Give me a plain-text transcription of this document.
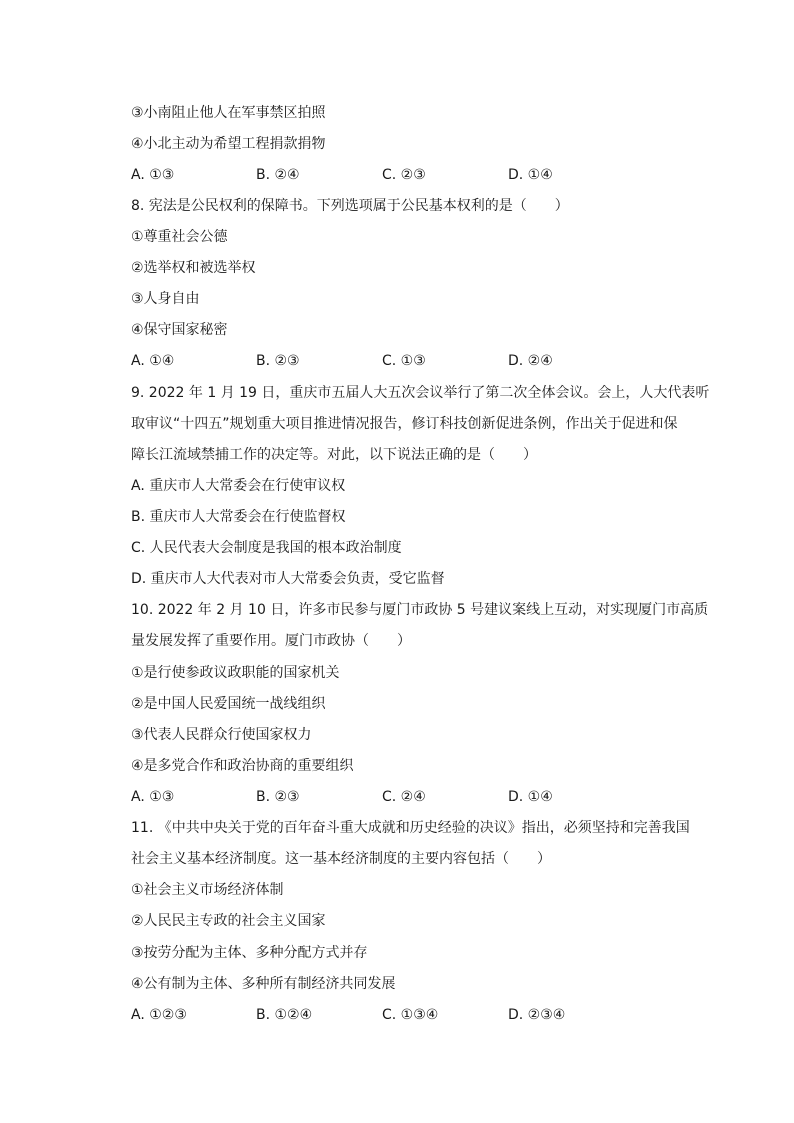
③小南阻止他人在军事禁区拍照
④小北主动为希望工程捐款捐物
A. ①③	B. ②④	C. ②③	D. ①④
8. 宪法是公民权利的保障书。下列选项属于公民基本权利的是（　　）
①尊重社会公德
②选举权和被选举权
③人身自由
④保守国家秘密
A. ①④	B. ②③	C. ①③	D. ②④
9. 2022 年 1 月 19 日，重庆市五届人大五次会议举行了第二次全体会议。会上，人大代表听
取审议“十四五”规划重大项目推进情况报告，修订科技创新促进条例，作出关于促进和保
障长江流域禁捕工作的决定等。对此，以下说法正确的是（　　）
A. 重庆市人大常委会在行使审议权
B. 重庆市人大常委会在行使监督权
C. 人民代表大会制度是我国的根本政治制度
D. 重庆市人大代表对市人大常委会负责，受它监督
10. 2022 年 2 月 10 日，许多市民参与厦门市政协 5 号建议案线上互动，对实现厦门市高质
量发展发挥了重要作用。厦门市政协（　　）
①是行使参政议政职能的国家机关
②是中国人民爱国统一战线组织
③代表人民群众行使国家权力
④是多党合作和政治协商的重要组织
A. ①③	B. ②③	C. ②④	D. ①④
11. 《中共中央关于党的百年奋斗重大成就和历史经验的决议》指出，必须坚持和完善我国
社会主义基本经济制度。这一基本经济制度的主要内容包括（　　）
①社会主义市场经济体制
②人民民主专政的社会主义国家
③按劳分配为主体、多种分配方式并存
④公有制为主体、多种所有制经济共同发展
A. ①②③	B. ①②④	C. ①③④	D. ②③④
